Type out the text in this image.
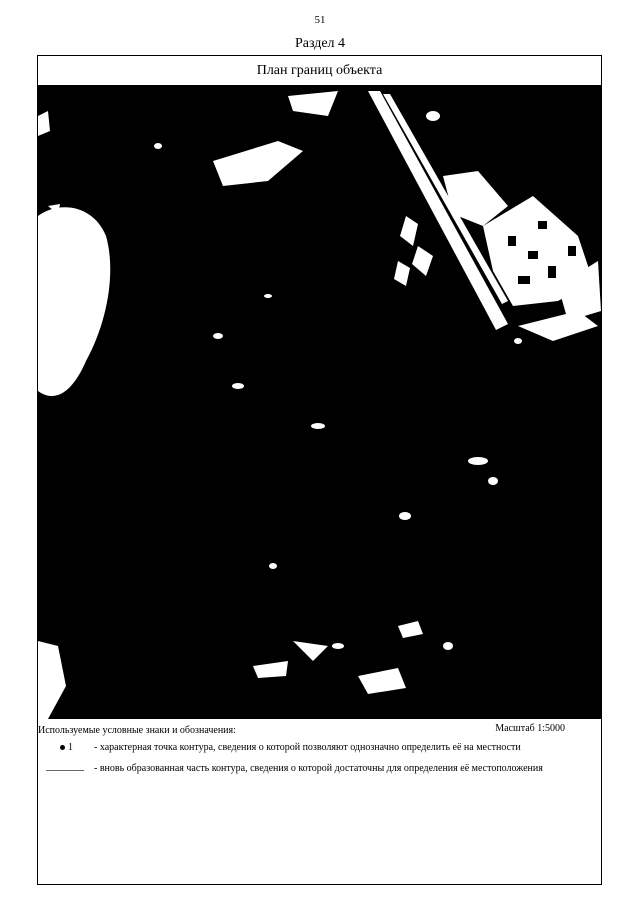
51
Раздел 4
План границ объекта
Используемые условные знаки и обозначения:	Масштаб 1:5000
1	- характерная точка контура, сведения о которой позволяют однозначно определить её на местности
- вновь образованная часть контура, сведения о которой достаточны для определения её местоположения
